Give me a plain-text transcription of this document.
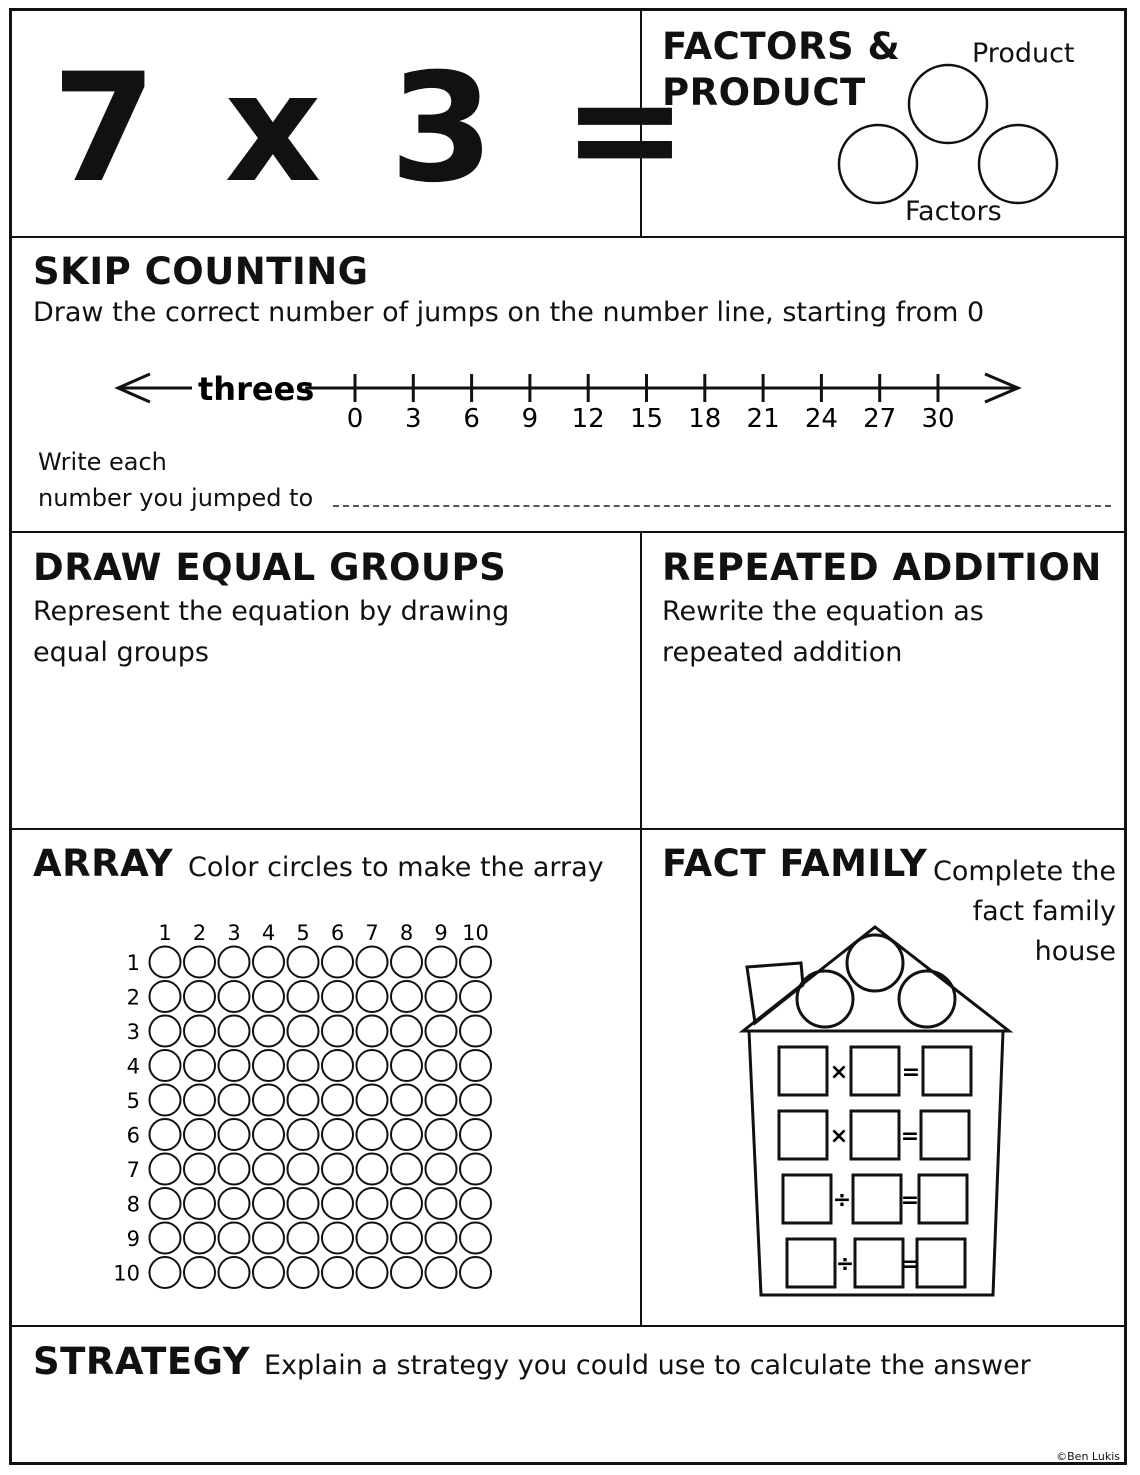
7 x 3 =
FACTORS &
PRODUCT
Product
Factors
SKIP COUNTING
Draw the correct number of jumps on the number line, starting from 0
threes
0 3 6 9 12 15 18 21 24 27 30
Write each
number you jumped to
DRAW EQUAL GROUPS
Represent the equation by drawing
equal groups
REPEATED ADDITION
Rewrite the equation as
repeated addition
ARRAY Color circles to make the array
1 2 3 4 5 6 7 8 9 10
1
2
3
4
5
6
7
8
9
10
FACT FAMILY Complete the
fact family
house
× =
× =
÷ =
÷ =
STRATEGY Explain a strategy you could use to calculate the answer
©Ben Lukis
